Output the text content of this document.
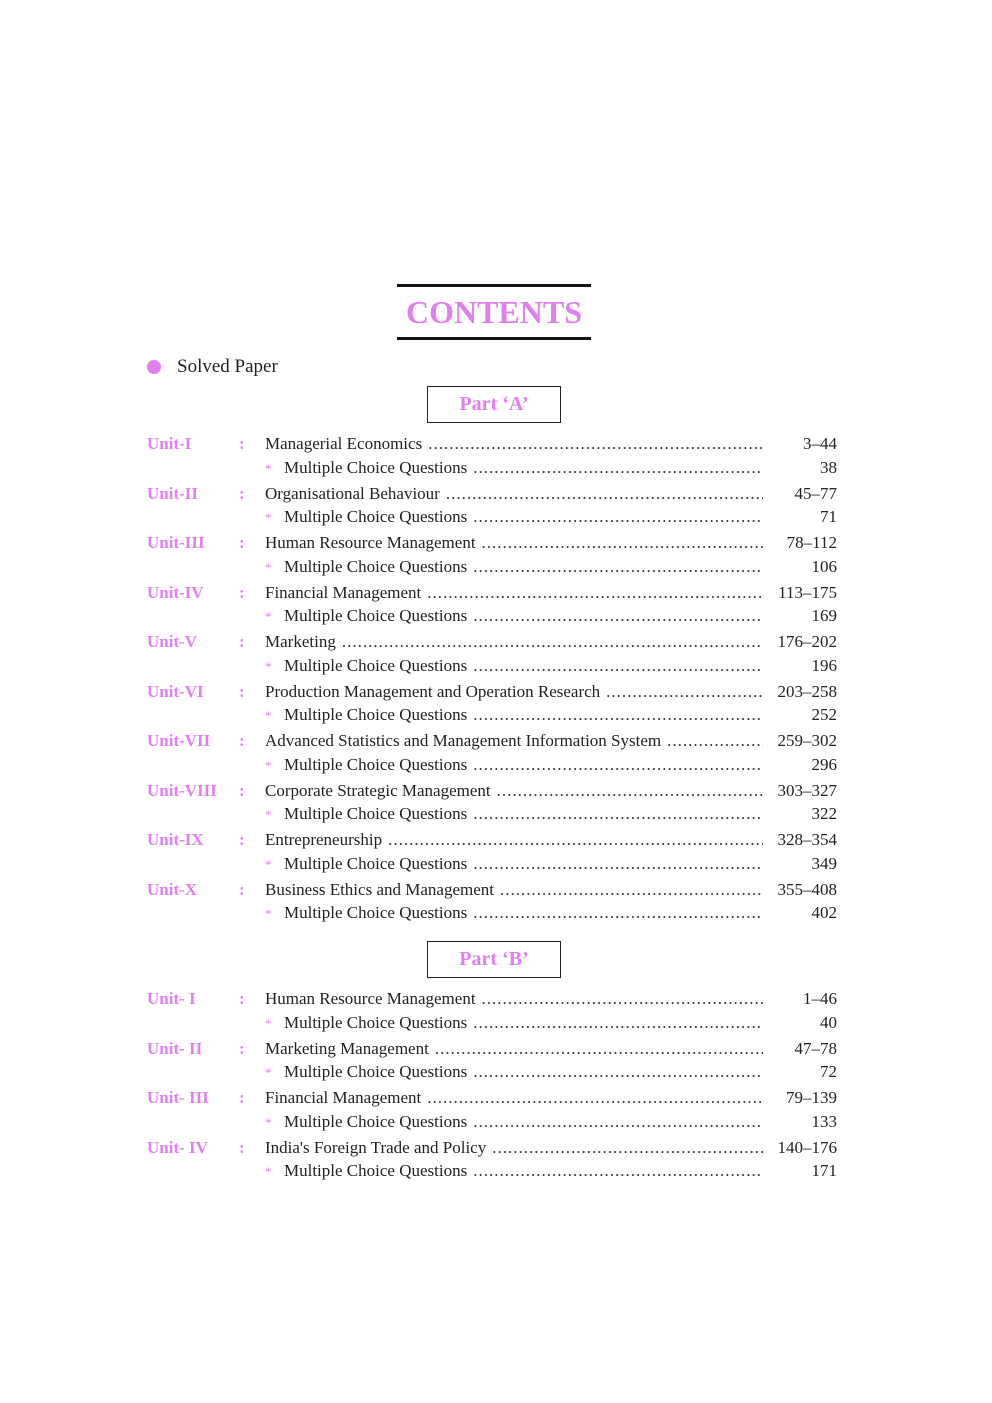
CONTENTS
Solved Paper
Part ‘A’
Unit-I	:	Managerial Economics .....	3–44
* Multiple Choice Questions .....	38
Unit-II	:	Organisational Behaviour .....	45–77
* Multiple Choice Questions .....	71
Unit-III	:	Human Resource Management .....	78–112
* Multiple Choice Questions .....	106
Unit-IV	:	Financial Management .....	113–175
* Multiple Choice Questions .....	169
Unit-V	:	Marketing .....	176–202
* Multiple Choice Questions .....	196
Unit-VI	:	Production Management and Operation Research .....	203–258
* Multiple Choice Questions .....	252
Unit-VII	:	Advanced Statistics and Management Information System .....	259–302
* Multiple Choice Questions .....	296
Unit-VIII	:	Corporate Strategic Management .....	303–327
* Multiple Choice Questions .....	322
Unit-IX	:	Entrepreneurship .....	328–354
* Multiple Choice Questions .....	349
Unit-X	:	Business Ethics and Management .....	355–408
* Multiple Choice Questions .....	402
Part ‘B’
Unit- I	:	Human Resource Management .....	1–46
* Multiple Choice Questions .....	40
Unit- II	:	Marketing Management .....	47–78
* Multiple Choice Questions .....	72
Unit- III	:	Financial Management .....	79–139
* Multiple Choice Questions .....	133
Unit- IV	:	India's Foreign Trade and Policy .....	140–176
* Multiple Choice Questions .....	171
